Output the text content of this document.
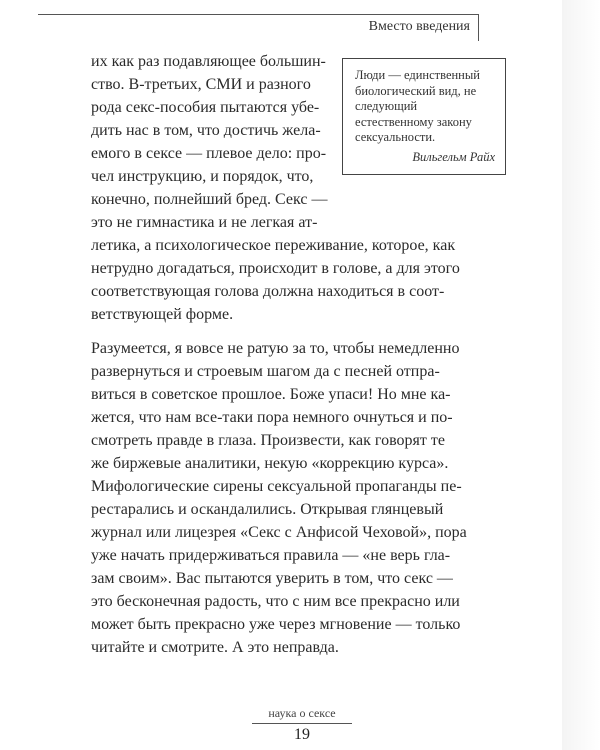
Вместо введения

Люди — единственный биологический вид, не следующий естественному закону сексуальности.

Вильгельм Райх

их как раз подавляющее большин-
ство. В-третьих, СМИ и разного
рода секс-пособия пытаются убе-
дить нас в том, что достичь жела-
емого в сексе — плевое дело: про-
чел инструкцию, и порядок, что,
конечно, полнейший бред. Секс —
это не гимнастика и не легкая ат-
летика, а психологическое переживание, которое, как
нетрудно догадаться, происходит в голове, а для этого
соответствующая голова должна находиться в соот-
ветствующей форме.
Разумеется, я вовсе не ратую за то, чтобы немедленно
развернуться и строевым шагом да с песней отпра-
виться в советское прошлое. Боже упаси! Но мне ка-
жется, что нам все-таки пора немного очнуться и по-
смотреть правде в глаза. Произвести, как говорят те
же биржевые аналитики, некую «коррекцию курса».
Мифологические сирены сексуальной пропаганды пе-
рестарались и оскандалились. Открывая глянцевый
журнал или лицезрея «Секс с Анфисой Чеховой», пора
уже начать придерживаться правила — «не верь гла-
зам своим». Вас пытаются уверить в том, что секс —
это бесконечная радость, что с ним все прекрасно или
может быть прекрасно уже через мгновение — только
читайте и смотрите. А это неправда.
наука о сексе
19
